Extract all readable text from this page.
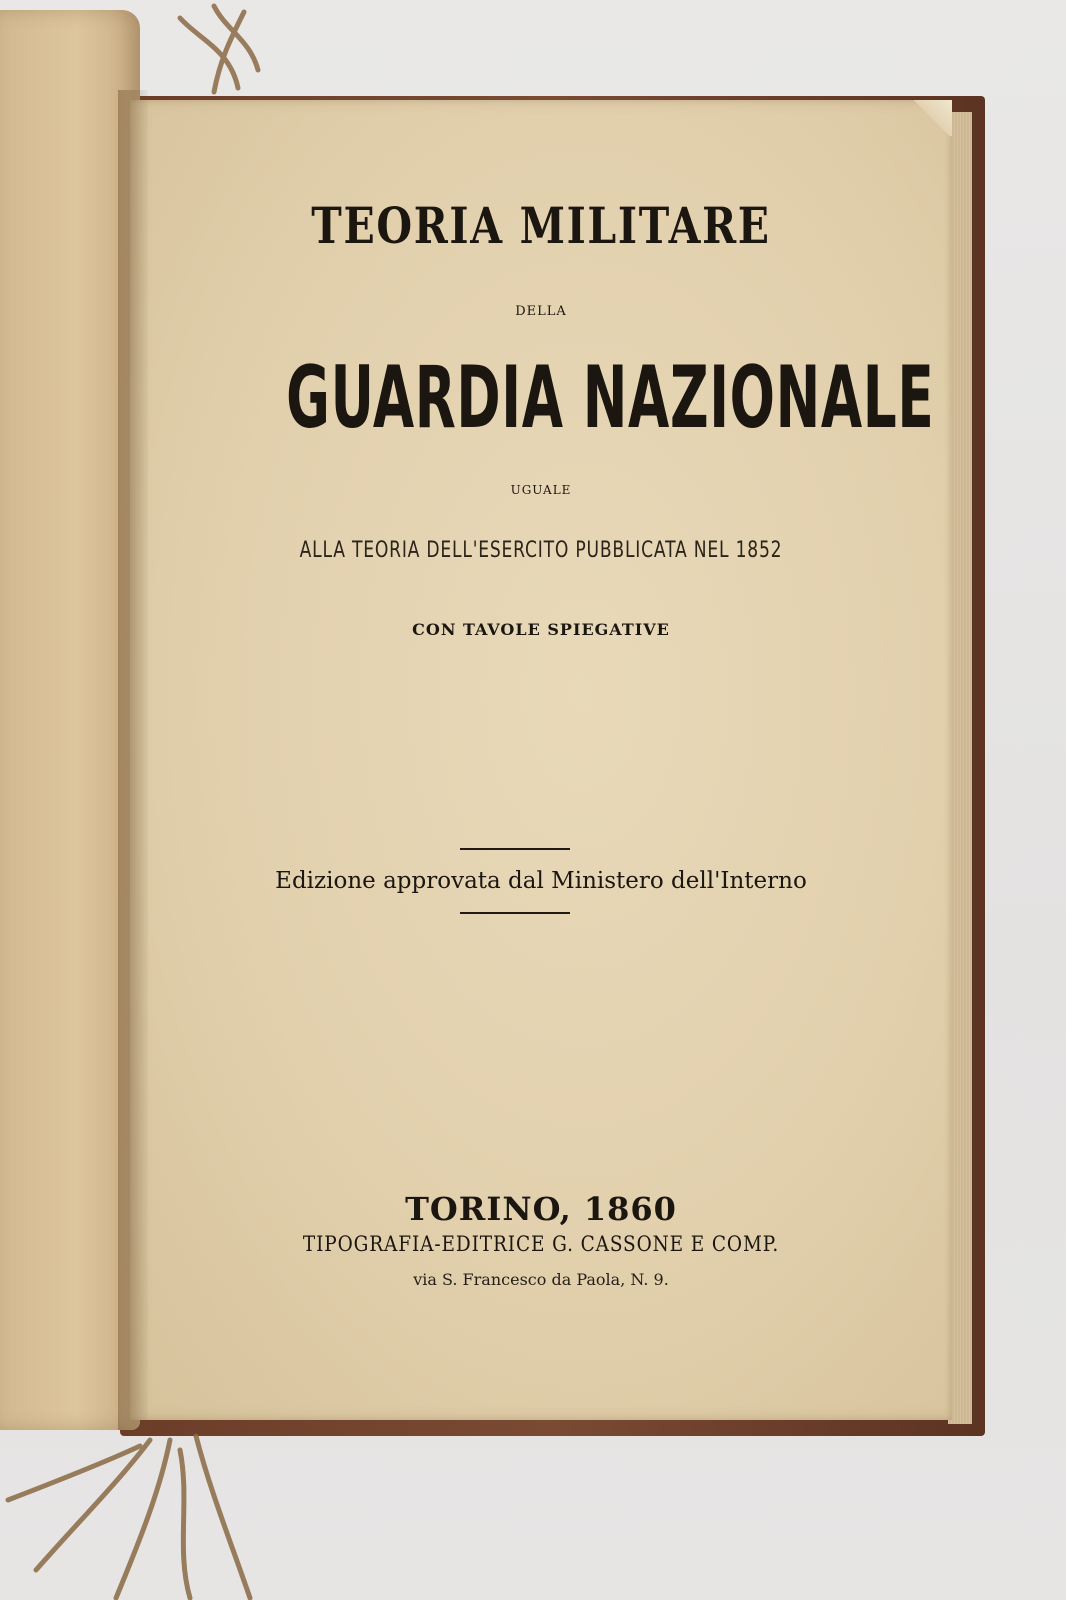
TEORIA MILITARE
DELLA
GUARDIA NAZIONALE
UGUALE
ALLA TEORIA DELL'ESERCITO PUBBLICATA NEL 1852
CON TAVOLE SPIEGATIVE
Edizione approvata dal Ministero dell'Interno
TORINO, 1860
TIPOGRAFIA-EDITRICE G. CASSONE E COMP.
via S. Francesco da Paola, N. 9.
